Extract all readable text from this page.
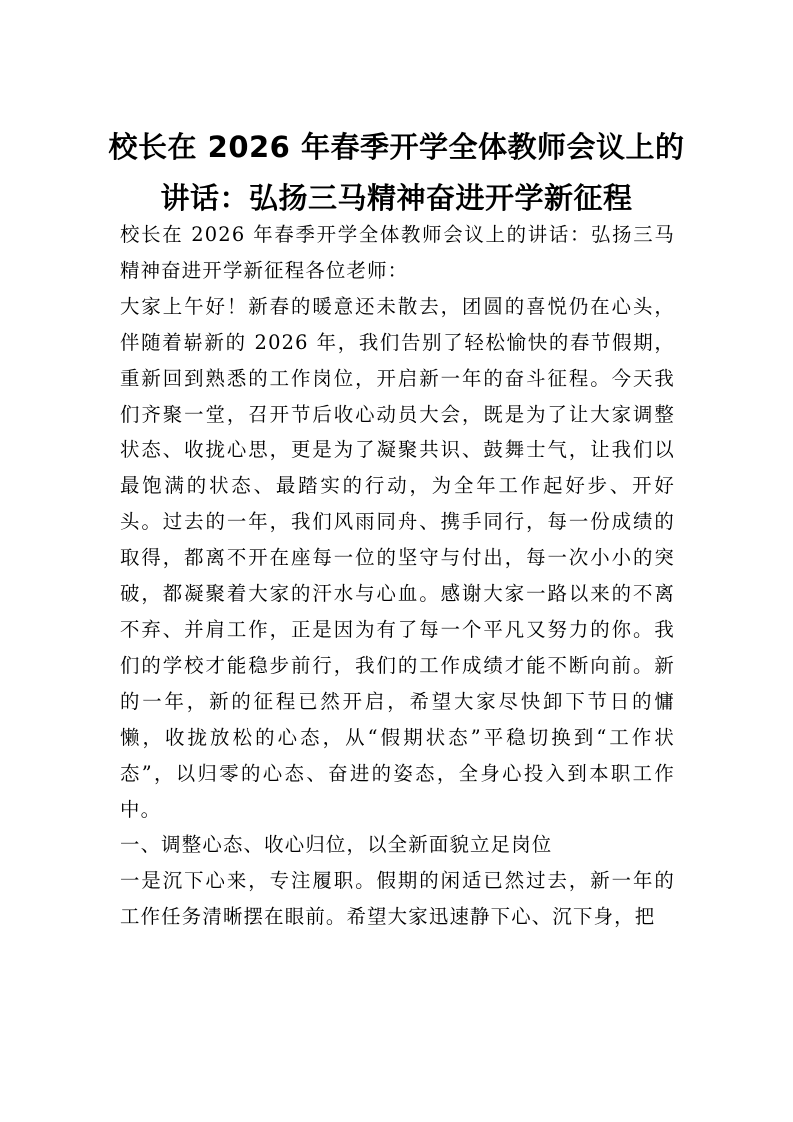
校长在 2026 年春季开学全体教师会议上的
讲话：弘扬三马精神奋进开学新征程

校长在 2026 年春季开学全体教师会议上的讲话：弘扬三马精神奋进开学新征程各位老师：

大家上午好！新春的暖意还未散去，团圆的喜悦仍在心头，伴随着崭新的 2026 年，我们告别了轻松愉快的春节假期，重新回到熟悉的工作岗位，开启新一年的奋斗征程。今天我们齐聚一堂，召开节后收心动员大会，既是为了让大家调整状态、收拢心思，更是为了凝聚共识、鼓舞士气，让我们以最饱满的状态、最踏实的行动，为全年工作起好步、开好头。过去的一年，我们风雨同舟、携手同行，每一份成绩的取得，都离不开在座每一位的坚守与付出，每一次小小的突破，都凝聚着大家的汗水与心血。感谢大家一路以来的不离不弃、并肩工作，正是因为有了每一个平凡又努力的你。我们的学校才能稳步前行，我们的工作成绩才能不断向前。新的一年，新的征程已然开启，希望大家尽快卸下节日的慵懒，收拢放松的心态，从“假期状态”平稳切换到“工作状态”，以归零的心态、奋进的姿态，全身心投入到本职工作中。

一、调整心态、收心归位，以全新面貌立足岗位

一是沉下心来，专注履职。假期的闲适已然过去，新一年的工作任务清晰摆在眼前。希望大家迅速静下心、沉下身，把
